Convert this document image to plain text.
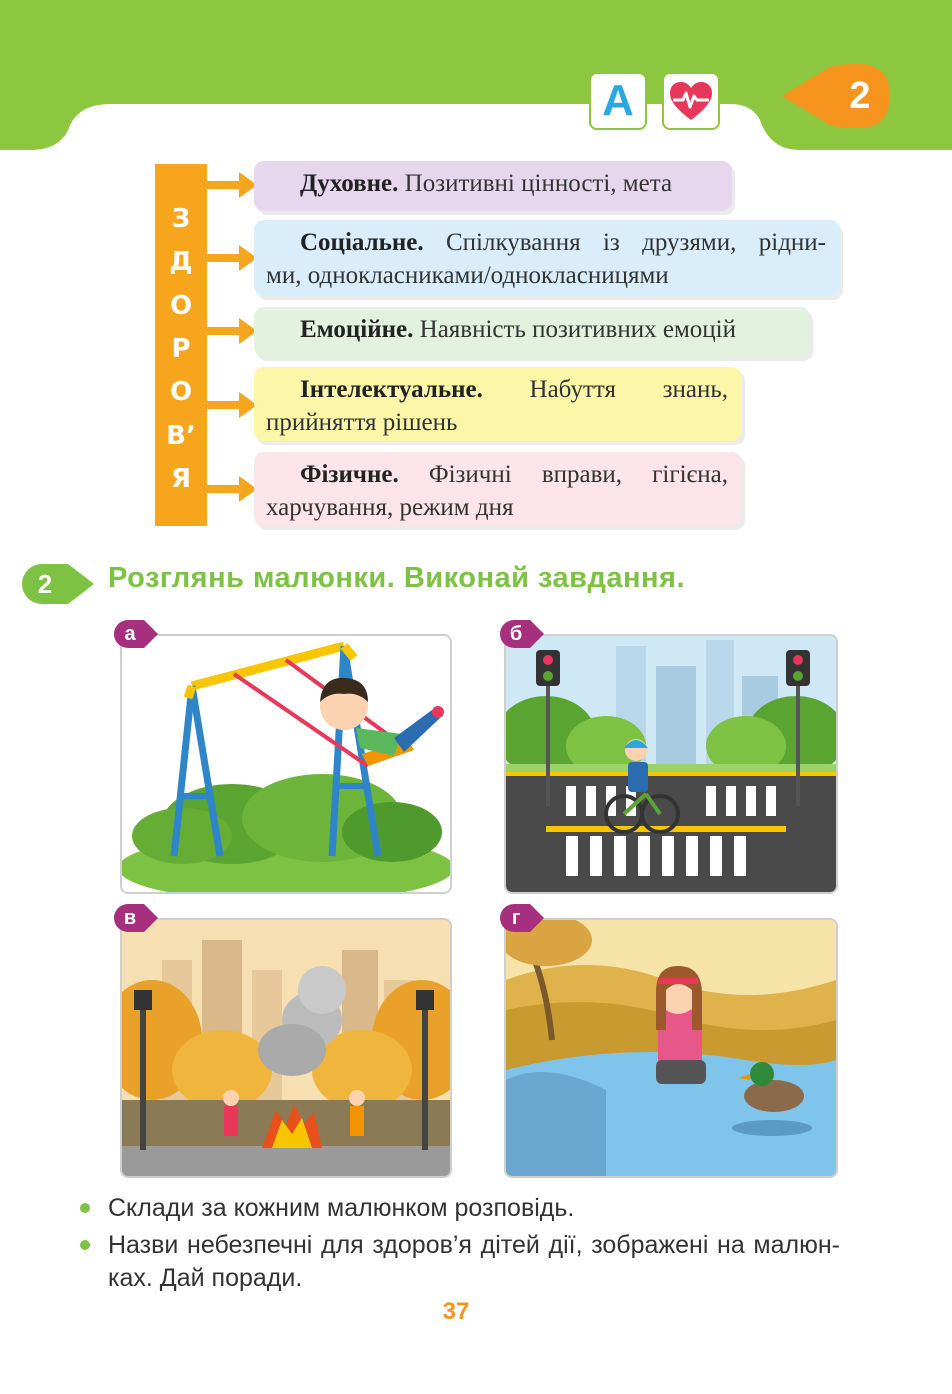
A	2
З
Д
О
Р
О
В’
Я
Духовне. Позитивні цінності, мета
Соціальне. Спілкування із друзями, рідни-
ми, однокласниками/однокласницями
Емоційне. Наявність позитивних емоцій
Інтелектуальне. Набуття знань,
прийняття рішень
Фізичне. Фізичні вправи, гігієна,
харчування, режим дня
2	Розглянь малюнки. Виконай завдання.
а	б
в	г
Склади за кожним малюнком розповідь.
Назви небезпечні для здоров’я дітей дії, зображені на малюн-
ках. Дай поради.
37
